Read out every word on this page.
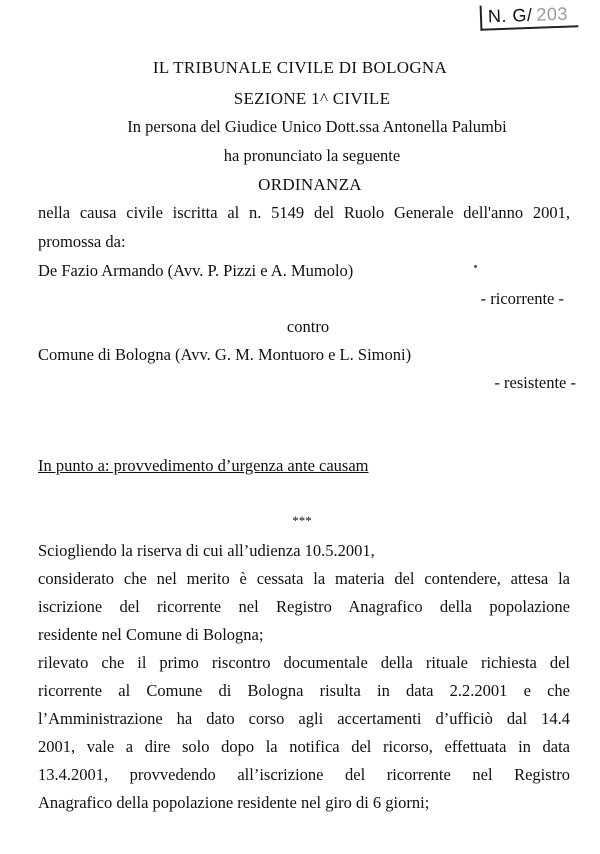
N. G/ 203
IL TRIBUNALE CIVILE DI BOLOGNA
SEZIONE 1^ CIVILE
In persona del Giudice Unico Dott.ssa Antonella Palumbi
ha pronunciato la seguente
ORDINANZA
nella causa civile iscritta al n. 5149 del Ruolo Generale dell'anno 2001,
promossa da:
De Fazio Armando (Avv. P. Pizzi e A. Mumolo)
- ricorrente -
contro
Comune di Bologna (Avv. G. M. Montuoro e L. Simoni)
- resistente -
In punto a: provvedimento d’urgenza ante causam
***
Sciogliendo la riserva di cui all’udienza 10.5.2001,
considerato che nel merito è cessata la materia del contendere, attesa la
iscrizione del ricorrente nel Registro Anagrafico della popolazione
residente nel Comune di Bologna;
rilevato che il primo riscontro documentale della rituale richiesta del
ricorrente al Comune di Bologna risulta in data 2.2.2001 e che
l’Amministrazione ha dato corso agli accertamenti d’ufficiò dal 14.4
2001, vale a dire solo dopo la notifica del ricorso, effettuata in data
13.4.2001, provvedendo all’iscrizione del ricorrente nel Registro
Anagrafico della popolazione residente nel giro di 6 giorni;
